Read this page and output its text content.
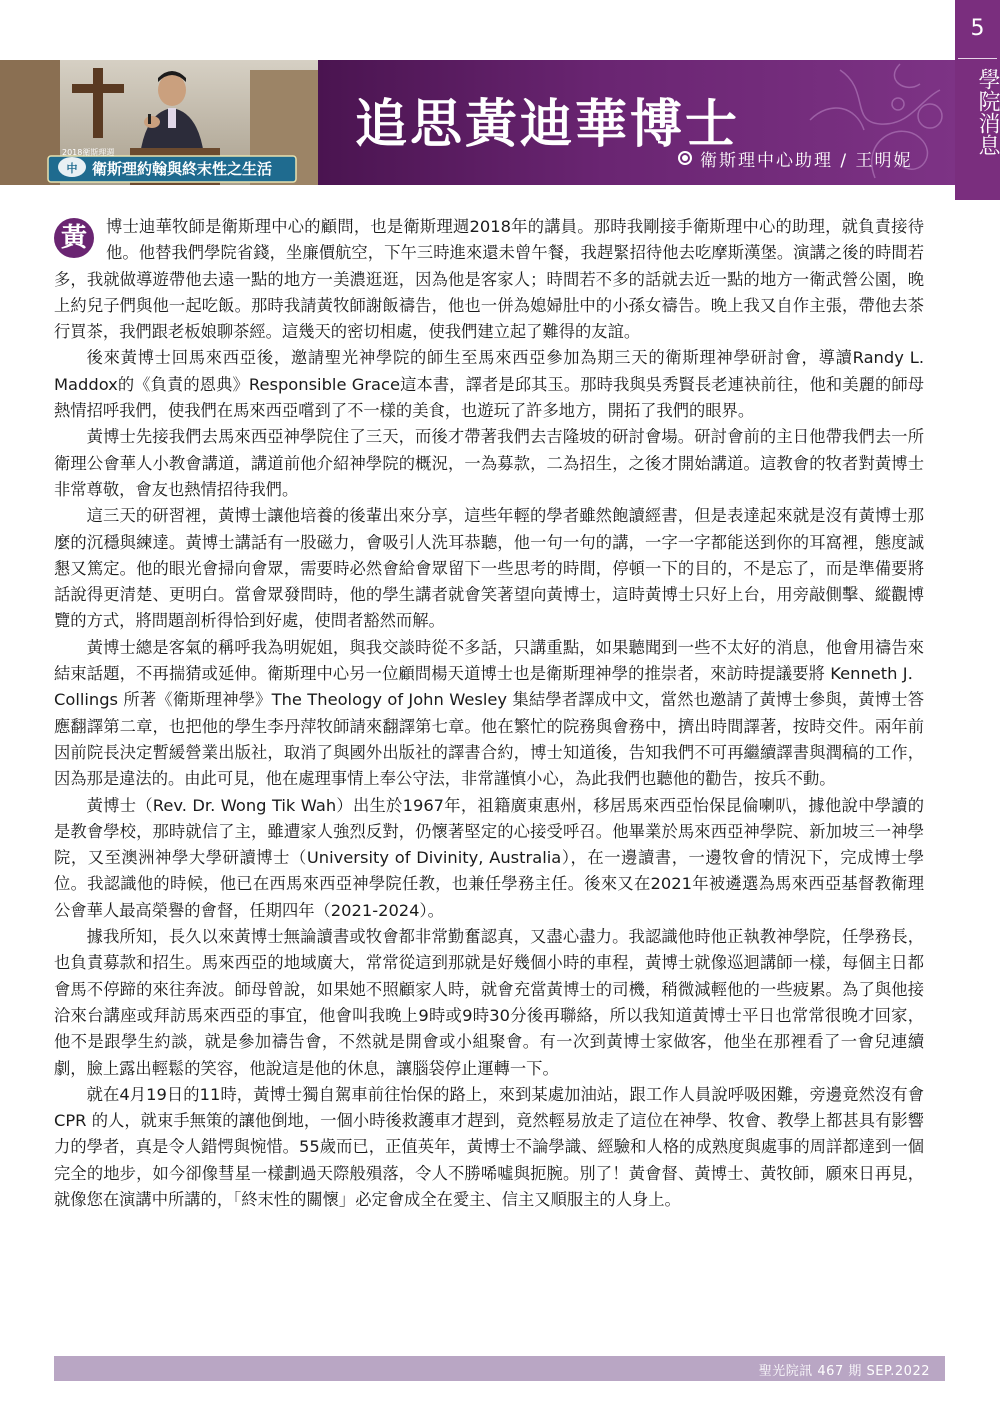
5
學院消息
中
2018衛斯理週
衛斯理約翰與終末性之生活
追思黃迪華博士
衛斯理中心助理 / 王明妮

黃	博士迪華牧師是衛斯理中心的顧問，也是衛斯理週2018年的講員。那時我剛接手衛斯理中心的助理，就負責接待他。他替我們學院省錢，坐廉價航空，下午三時進來還未曾午餐，我趕緊招待他去吃摩斯漢堡。演講之後的時間若多，我就做導遊帶他去遠一點的地方一美濃逛逛，因為他是客家人；時間若不多的話就去近一點的地方一衛武營公園，晚上約兒子們與他一起吃飯。那時我請黃牧師謝飯禱告，他也一併為媳婦肚中的小孫女禱告。晚上我又自作主張，帶他去茶行買茶，我們跟老板娘聊茶經。這幾天的密切相處，使我們建立起了難得的友誼。

後來黃博士回馬來西亞後，邀請聖光神學院的師生至馬來西亞參加為期三天的衛斯理神學研討會，導讀Randy L. Maddox的《負責的恩典》Responsible Grace這本書，譯者是邱其玉。那時我與吳秀賢長老連袂前往，他和美麗的師母熱情招呼我們，使我們在馬來西亞嚐到了不一樣的美食，也遊玩了許多地方，開拓了我們的眼界。

黃博士先接我們去馬來西亞神學院住了三天，而後才帶著我們去吉隆坡的研討會場。研討會前的主日他帶我們去一所衛理公會華人小教會講道，講道前他介紹神學院的概況，一為募款，二為招生，之後才開始講道。這教會的牧者對黃博士非常尊敬，會友也熱情招待我們。

這三天的研習裡，黃博士讓他培養的後輩出來分享，這些年輕的學者雖然飽讀經書，但是表達起來就是沒有黃博士那麼的沉穩與練達。黃博士講話有一股磁力，會吸引人洗耳恭聽，他一句一句的講，一字一字都能送到你的耳窩裡，態度誠懇又篤定。他的眼光會掃向會眾，需要時必然會給會眾留下一些思考的時間，停頓一下的目的，不是忘了，而是準備要將話說得更清楚、更明白。當會眾發問時，他的學生講者就會笑著望向黃博士，這時黃博士只好上台，用旁敲側擊、縱觀博覽的方式，將問題剖析得恰到好處，使問者豁然而解。

黃博士總是客氣的稱呼我為明妮姐，與我交談時從不多話，只講重點，如果聽聞到一些不太好的消息，他會用禱告來結束話題，不再揣猜或延伸。衛斯理中心另一位顧問楊天道博士也是衛斯理神學的推崇者，來訪時提議要將 Kenneth J．Collings 所著《衛斯理神學》The Theology of John Wesley 集結學者譯成中文，當然也邀請了黃博士參與，黃博士答應翻譯第二章，也把他的學生李丹萍牧師請來翻譯第七章。他在繁忙的院務與會務中，擠出時間譯著，按時交件。兩年前因前院長決定暫緩營業出版社，取消了與國外出版社的譯書合約，博士知道後，告知我們不可再繼續譯書與潤稿的工作，因為那是違法的。由此可見，他在處理事情上奉公守法，非常謹慎小心，為此我們也聽他的勸告，按兵不動。

黃博士（Rev. Dr. Wong Tik Wah）出生於1967年，祖籍廣東惠州，移居馬來西亞怡保昆倫喇叭，據他說中學讀的是教會學校，那時就信了主，雖遭家人強烈反對，仍懷著堅定的心接受呼召。他畢業於馬來西亞神學院、新加坡三一神學院，又至澳洲神學大學研讀博士（University of Divinity, Australia），在一邊讀書，一邊牧會的情況下，完成博士學位。我認識他的時候，他已在西馬來西亞神學院任教，也兼任學務主任。後來又在2021年被遴選為馬來西亞基督教衛理公會華人最高榮譽的會督，任期四年（2021-2024）。

據我所知，長久以來黃博士無論讀書或牧會都非常勤奮認真，又盡心盡力。我認識他時他正執教神學院，任學務長，也負責募款和招生。馬來西亞的地域廣大，常常從這到那就是好幾個小時的車程，黃博士就像巡迴講師一樣，每個主日都會馬不停蹄的來往奔波。師母曾說，如果她不照顧家人時，就會充當黃博士的司機，稍微減輕他的一些疲累。為了與他接洽來台講座或拜訪馬來西亞的事宜，他會叫我晚上9時或9時30分後再聯絡，所以我知道黃博士平日也常常很晚才回家，他不是跟學生約談，就是參加禱告會，不然就是開會或小組聚會。有一次到黃博士家做客，他坐在那裡看了一會兒連續劇，臉上露出輕鬆的笑容，他說這是他的休息，讓腦袋停止運轉一下。

就在4月19日的11時，黃博士獨自駕車前往怡保的路上，來到某處加油站，跟工作人員說呼吸困難，旁邊竟然沒有會 CPR 的人，就束手無策的讓他倒地，一個小時後救護車才趕到，竟然輕易放走了這位在神學、牧會、教學上都甚具有影響力的學者，真是令人錯愕與惋惜。55歲而已，正值英年，黃博士不論學識、經驗和人格的成熟度與處事的周詳都達到一個完全的地步，如今卻像彗星一樣劃過天際般殞落，令人不勝唏噓與扼腕。別了！黃會督、黃博士、黃牧師，願來日再見，就像您在演講中所講的，「終末性的關懷」必定會成全在愛主、信主又順服主的人身上。

聖光院訊 467 期 SEP.2022
